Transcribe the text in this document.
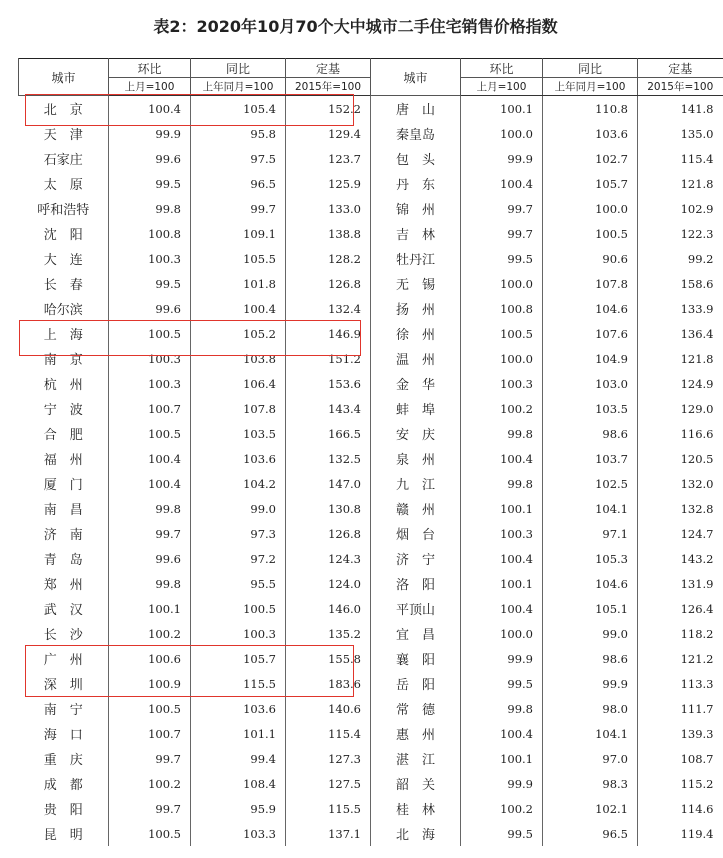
表2：2020年10月70个大中城市二手住宅销售价格指数
城市	环比	同比	定基	城市	环比	同比	定基
	上月=100	上年同月=100	2015年=100		上月=100	上年同月=100	2015年=100
北　京	100.4	105.4	152.2	唐　山	100.1	110.8	141.8
天　津	99.9	95.8	129.4	秦皇岛	100.0	103.6	135.0
石家庄	99.6	97.5	123.7	包　头	99.9	102.7	115.4
太　原	99.5	96.5	125.9	丹　东	100.4	105.7	121.8
呼和浩特	99.8	99.7	133.0	锦　州	99.7	100.0	102.9
沈　阳	100.8	109.1	138.8	吉　林	99.7	100.5	122.3
大　连	100.3	105.5	128.2	牡丹江	99.5	90.6	99.2
长　春	99.5	101.8	126.8	无　锡	100.0	107.8	158.6
哈尔滨	99.6	100.4	132.4	扬　州	100.8	104.6	133.9
上　海	100.5	105.2	146.9	徐　州	100.5	107.6	136.4
南　京	100.3	103.8	151.2	温　州	100.0	104.9	121.8
杭　州	100.3	106.4	153.6	金　华	100.3	103.0	124.9
宁　波	100.7	107.8	143.4	蚌　埠	100.2	103.5	129.0
合　肥	100.5	103.5	166.5	安　庆	99.8	98.6	116.6
福　州	100.4	103.6	132.5	泉　州	100.4	103.7	120.5
厦　门	100.4	104.2	147.0	九　江	99.8	102.5	132.0
南　昌	99.8	99.0	130.8	赣　州	100.1	104.1	132.8
济　南	99.7	97.3	126.8	烟　台	100.3	97.1	124.7
青　岛	99.6	97.2	124.3	济　宁	100.4	105.3	143.2
郑　州	99.8	95.5	124.0	洛　阳	100.1	104.6	131.9
武　汉	100.1	100.5	146.0	平顶山	100.4	105.1	126.4
长　沙	100.2	100.3	135.2	宜　昌	100.0	99.0	118.2
广　州	100.6	105.7	155.8	襄　阳	99.9	98.6	121.2
深　圳	100.9	115.5	183.6	岳　阳	99.5	99.9	113.3
南　宁	100.5	103.6	140.6	常　德	99.8	98.0	111.7
海　口	100.7	101.1	115.4	惠　州	100.4	104.1	139.3
重　庆	99.7	99.4	127.3	湛　江	100.1	97.0	108.7
成　都	100.2	108.4	127.5	韶　关	99.9	98.3	115.2
贵　阳	99.7	95.9	115.5	桂　林	100.2	102.1	114.6
昆　明	100.5	103.3	137.1	北　海	99.5	96.5	119.4
